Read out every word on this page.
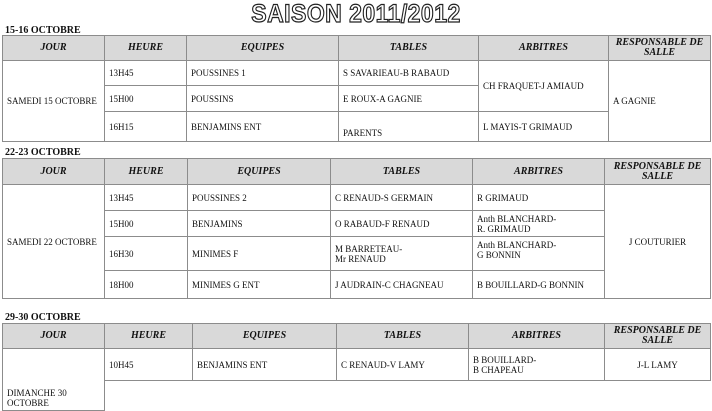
SAISON 2011/2012
15-16 OCTOBRE
JOUR	HEURE	EQUIPES	TABLES	ARBITRES	RESPONSABLE DE SALLE
SAMEDI 15 OCTOBRE	13H45	POUSSINES 1	S SAVARIEAU-B RABAUD	CH FRAQUET-J AMIAUD	A GAGNIE
	15H00	POUSSINS	E ROUX-A GAGNIE		
	16H15	BENJAMINS ENT	PARENTS	L MAYIS-T GRIMAUD	
22-23 OCTOBRE
JOUR	HEURE	EQUIPES	TABLES	ARBITRES	RESPONSABLE DE SALLE
SAMEDI 22 OCTOBRE	13H45	POUSSINES 2	C RENAUD-S GERMAIN	R GRIMAUD	J COUTURIER
	15H00	BENJAMINS	O RABAUD-F RENAUD	Anth BLANCHARD-
R. GRIMAUD	
	16H30	MINIMES F	M BARRETEAU-
Mr RENAUD	Anth BLANCHARD-
G BONNIN	
	18H00	MINIMES G ENT	J AUDRAIN-C CHAGNEAU	B BOUILLARD-G BONNIN	
29-30 OCTOBRE
JOUR	HEURE	EQUIPES	TABLES	ARBITRES	RESPONSABLE DE SALLE
DIMANCHE 30 OCTOBRE	10H45	BENJAMINS ENT	C RENAUD-V LAMY	B BOUILLARD-
B CHAPEAU	J-L LAMY
